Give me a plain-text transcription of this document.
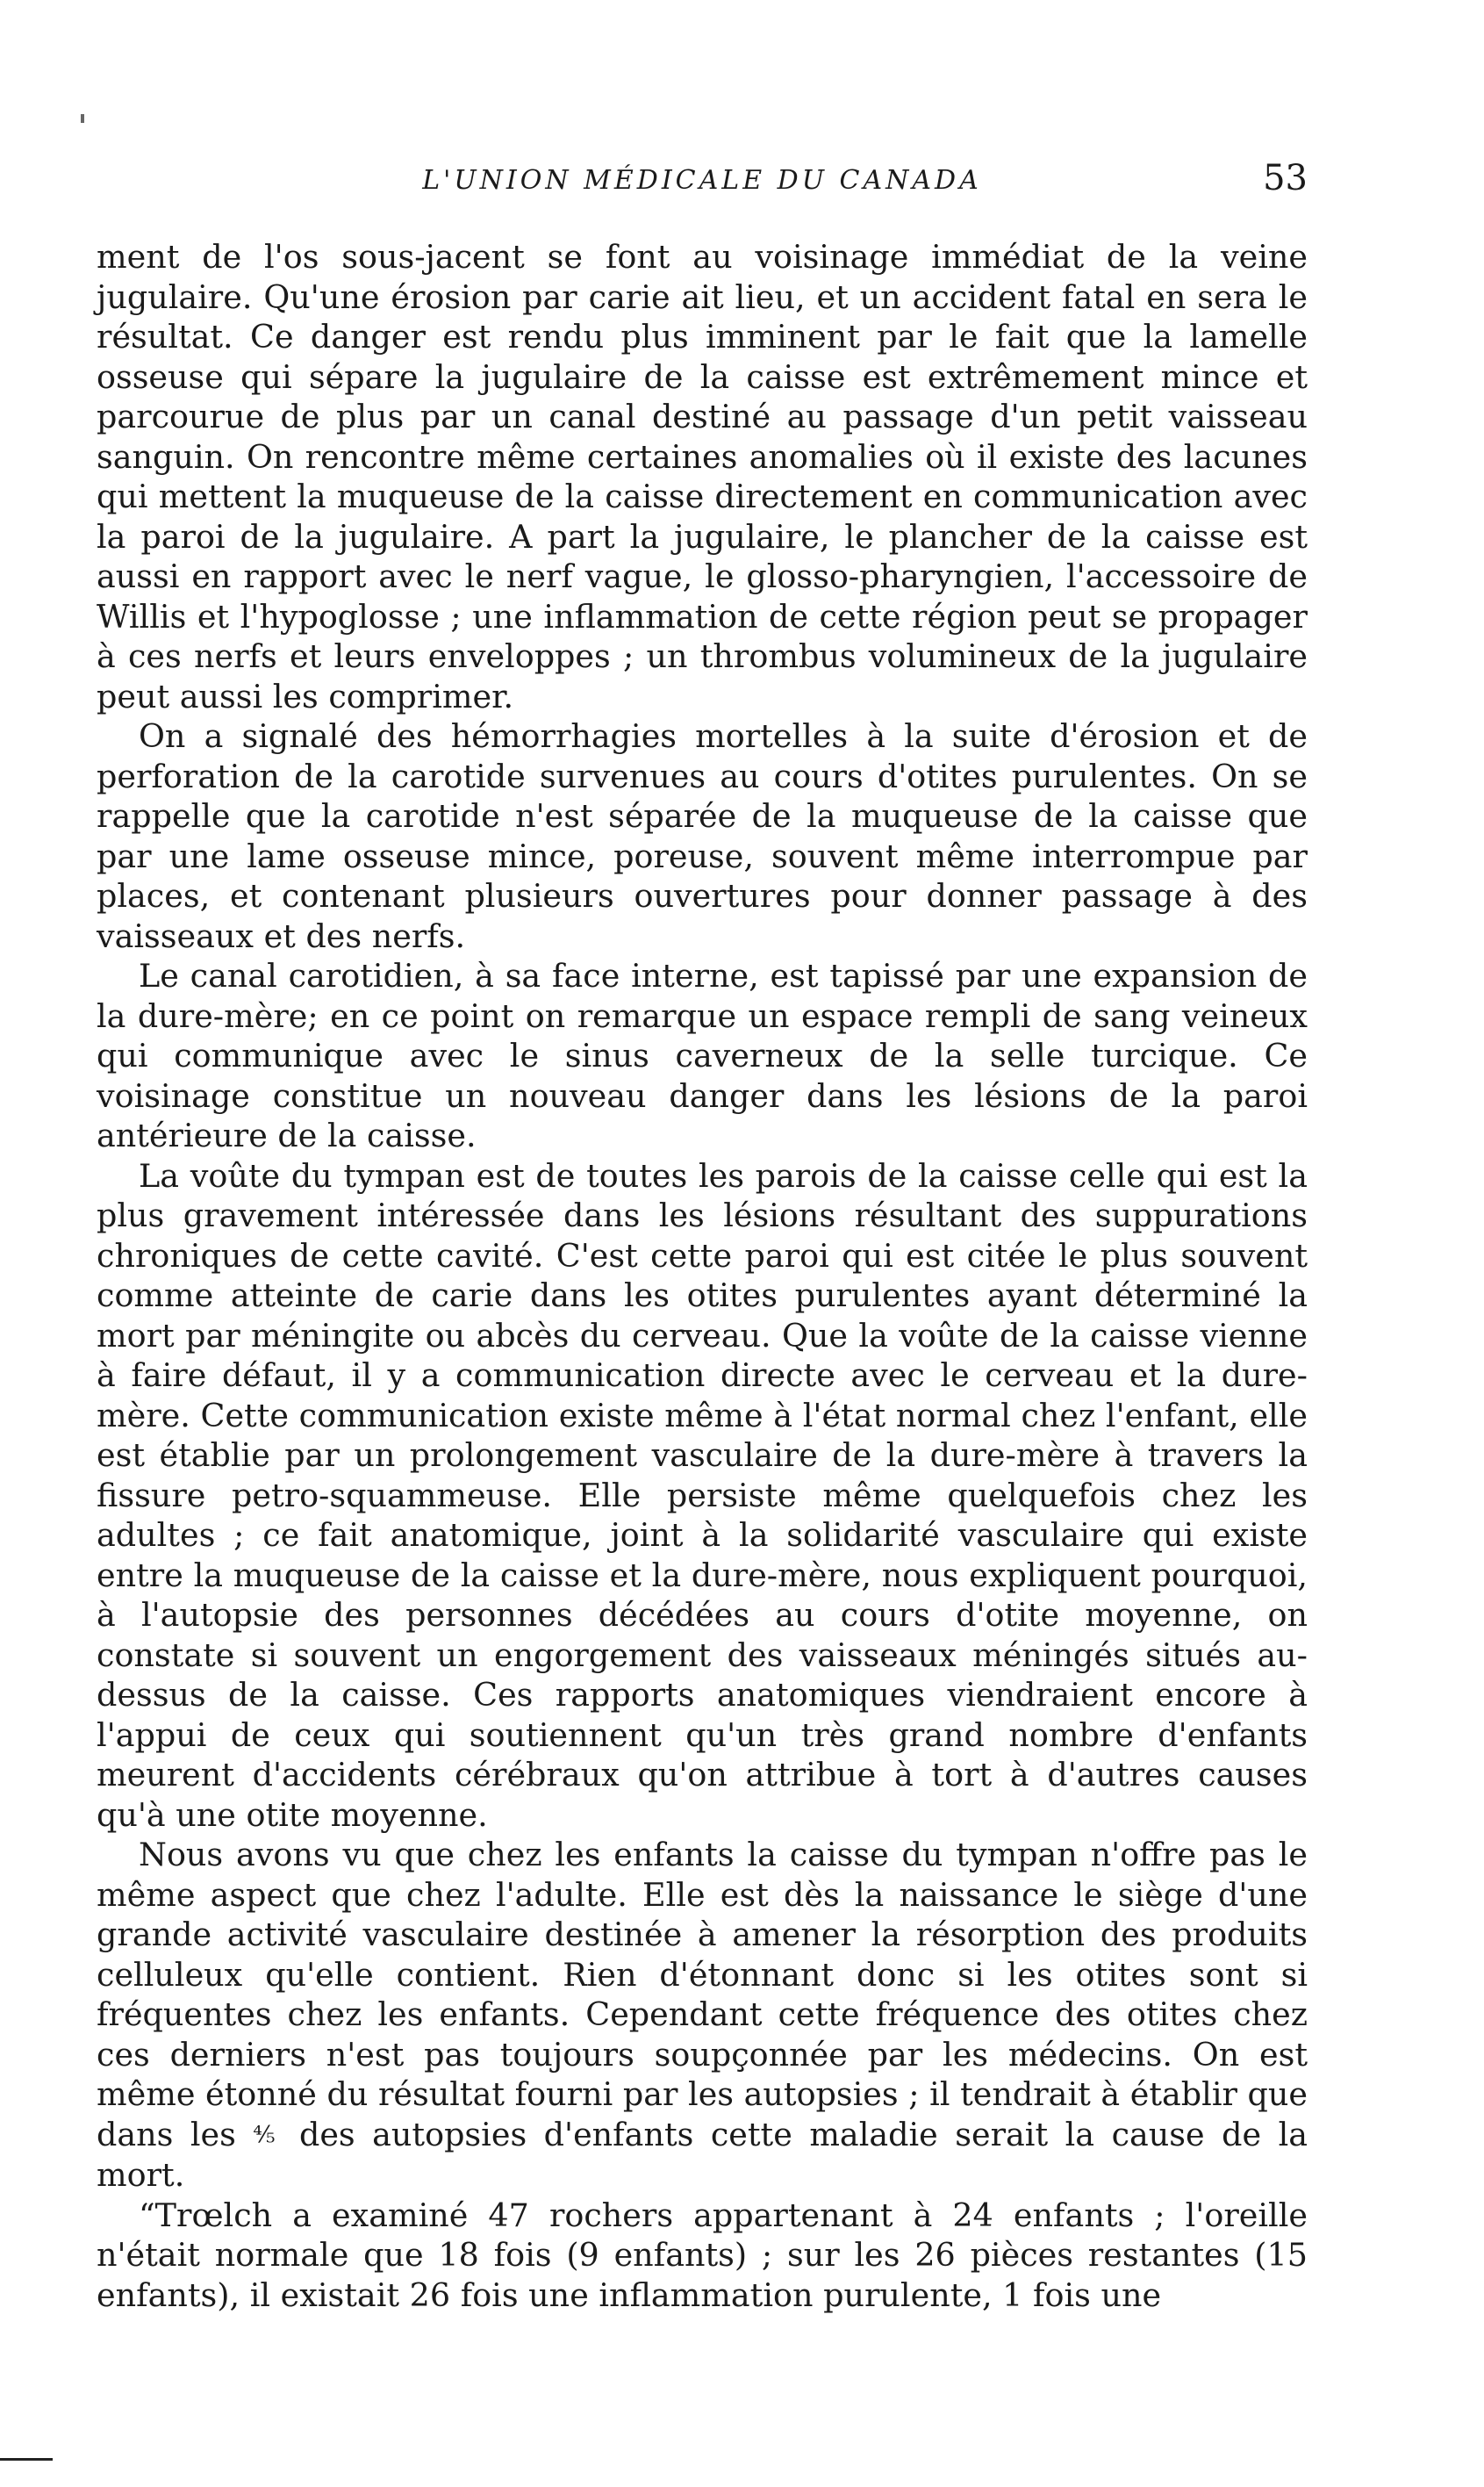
L'UNION MÉDICALE DU CANADA	53

ment de l'os sous-jacent se font au voisinage immédiat de la veine jugulaire. Qu'une érosion par carie ait lieu, et un accident fatal en sera le résultat. Ce danger est rendu plus imminent par le fait que la lamelle osseuse qui sépare la jugulaire de la caisse est extrêmement mince et parcourue de plus par un canal destiné au passage d'un petit vaisseau sanguin. On rencontre même certaines anomalies où il existe des lacunes qui mettent la muqueuse de la caisse directement en communication avec la paroi de la jugulaire. A part la jugulaire, le plancher de la caisse est aussi en rapport avec le nerf vague, le glosso-pharyngien, l'accessoire de Willis et l'hypoglosse ; une inflammation de cette région peut se propager à ces nerfs et leurs enveloppes ; un thrombus volumineux de la jugulaire peut aussi les comprimer.

On a signalé des hémorrhagies mortelles à la suite d'érosion et de perforation de la carotide survenues au cours d'otites purulentes. On se rappelle que la carotide n'est séparée de la muqueuse de la caisse que par une lame osseuse mince, poreuse, souvent même interrompue par places, et contenant plusieurs ouvertures pour donner passage à des vaisseaux et des nerfs.

Le canal carotidien, à sa face interne, est tapissé par une expansion de la dure-mère; en ce point on remarque un espace rempli de sang veineux qui communique avec le sinus caverneux de la selle turcique. Ce voisinage constitue un nouveau danger dans les lésions de la paroi antérieure de la caisse.

La voûte du tympan est de toutes les parois de la caisse celle qui est la plus gravement intéressée dans les lésions résultant des suppurations chroniques de cette cavité. C'est cette paroi qui est citée le plus souvent comme atteinte de carie dans les otites purulentes ayant déterminé la mort par méningite ou abcès du cerveau. Que la voûte de la caisse vienne à faire défaut, il y a communication directe avec le cerveau et la dure-mère. Cette communication existe même à l'état normal chez l'enfant, elle est établie par un prolongement vasculaire de la dure-mère à travers la fissure petro-squammeuse. Elle persiste même quelquefois chez les adultes ; ce fait anatomique, joint à la solidarité vasculaire qui existe entre la muqueuse de la caisse et la dure-mère, nous expliquent pourquoi, à l'autopsie des personnes décédées au cours d'otite moyenne, on constate si souvent un engorgement des vaisseaux méningés situés au-dessus de la caisse. Ces rapports anatomiques viendraient encore à l'appui de ceux qui soutiennent qu'un très grand nombre d'enfants meurent d'accidents cérébraux qu'on attribue à tort à d'autres causes qu'à une otite moyenne.

Nous avons vu que chez les enfants la caisse du tympan n'offre pas le même aspect que chez l'adulte. Elle est dès la naissance le siège d'une grande activité vasculaire destinée à amener la résorption des produits celluleux qu'elle contient. Rien d'étonnant donc si les otites sont si fréquentes chez les enfants. Cependant cette fréquence des otites chez ces derniers n'est pas toujours soupçonnée par les médecins. On est même étonné du résultat fourni par les autopsies ; il tendrait à établir que dans les ⅘ des autopsies d'enfants cette maladie serait la cause de la mort.

“Trœlch a examiné 47 rochers appartenant à 24 enfants ; l'oreille n'était normale que 18 fois (9 enfants) ; sur les 26 pièces restantes (15 enfants), il existait 26 fois une inflammation purulente, 1 fois une
